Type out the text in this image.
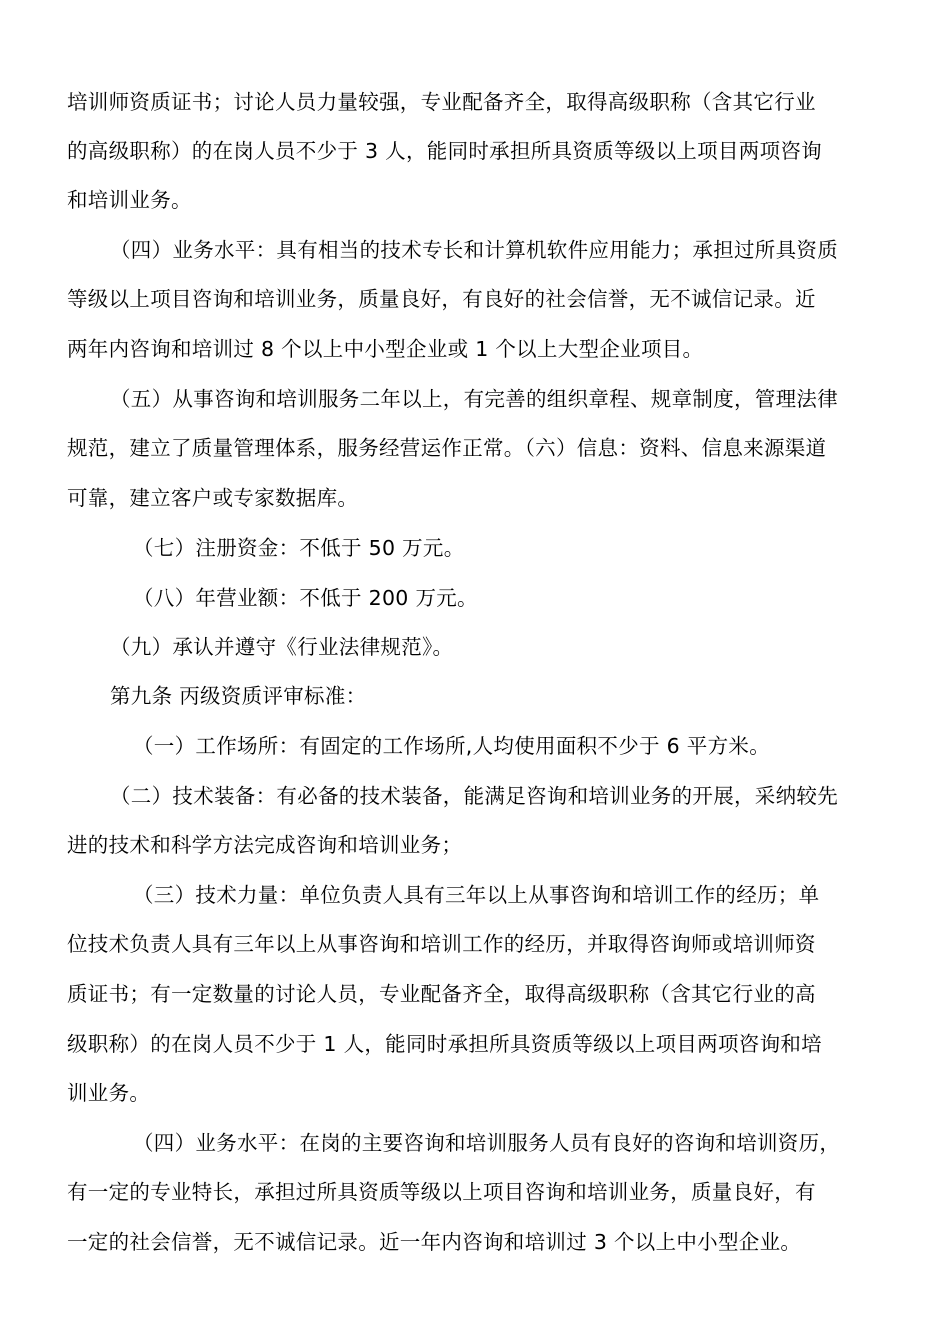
培训师资质证书；讨论人员力量较强，专业配备齐全，取得高级职称（含其它行业
的高级职称）的在岗人员不少于 3 人，能同时承担所具资质等级以上项目两项咨询
和培训业务。
（四）业务水平：具有相当的技术专长和计算机软件应用能力；承担过所具资质
等级以上项目咨询和培训业务，质量良好，有良好的社会信誉，无不诚信记录。近
两年内咨询和培训过 8 个以上中小型企业或 1 个以上大型企业项目。
（五）从事咨询和培训服务二年以上，有完善的组织章程、规章制度，管理法律
规范，建立了质量管理体系，服务经营运作正常。（六）信息：资料、信息来源渠道
可靠，建立客户或专家数据库。
（七）注册资金：不低于 50 万元。
（八）年营业额：不低于 200 万元。
（九）承认并遵守《行业法律规范》。
第九条 丙级资质评审标准：
（一）工作场所：有固定的工作场所,人均使用面积不少于 6 平方米。
（二）技术装备：有必备的技术装备，能满足咨询和培训业务的开展，采纳较先
进的技术和科学方法完成咨询和培训业务；
（三）技术力量：单位负责人具有三年以上从事咨询和培训工作的经历；单
位技术负责人具有三年以上从事咨询和培训工作的经历，并取得咨询师或培训师资
质证书；有一定数量的讨论人员，专业配备齐全，取得高级职称（含其它行业的高
级职称）的在岗人员不少于 1 人，能同时承担所具资质等级以上项目两项咨询和培
训业务。
（四）业务水平：在岗的主要咨询和培训服务人员有良好的咨询和培训资历，
有一定的专业特长，承担过所具资质等级以上项目咨询和培训业务，质量良好，有
一定的社会信誉，无不诚信记录。近一年内咨询和培训过 3 个以上中小型企业。
